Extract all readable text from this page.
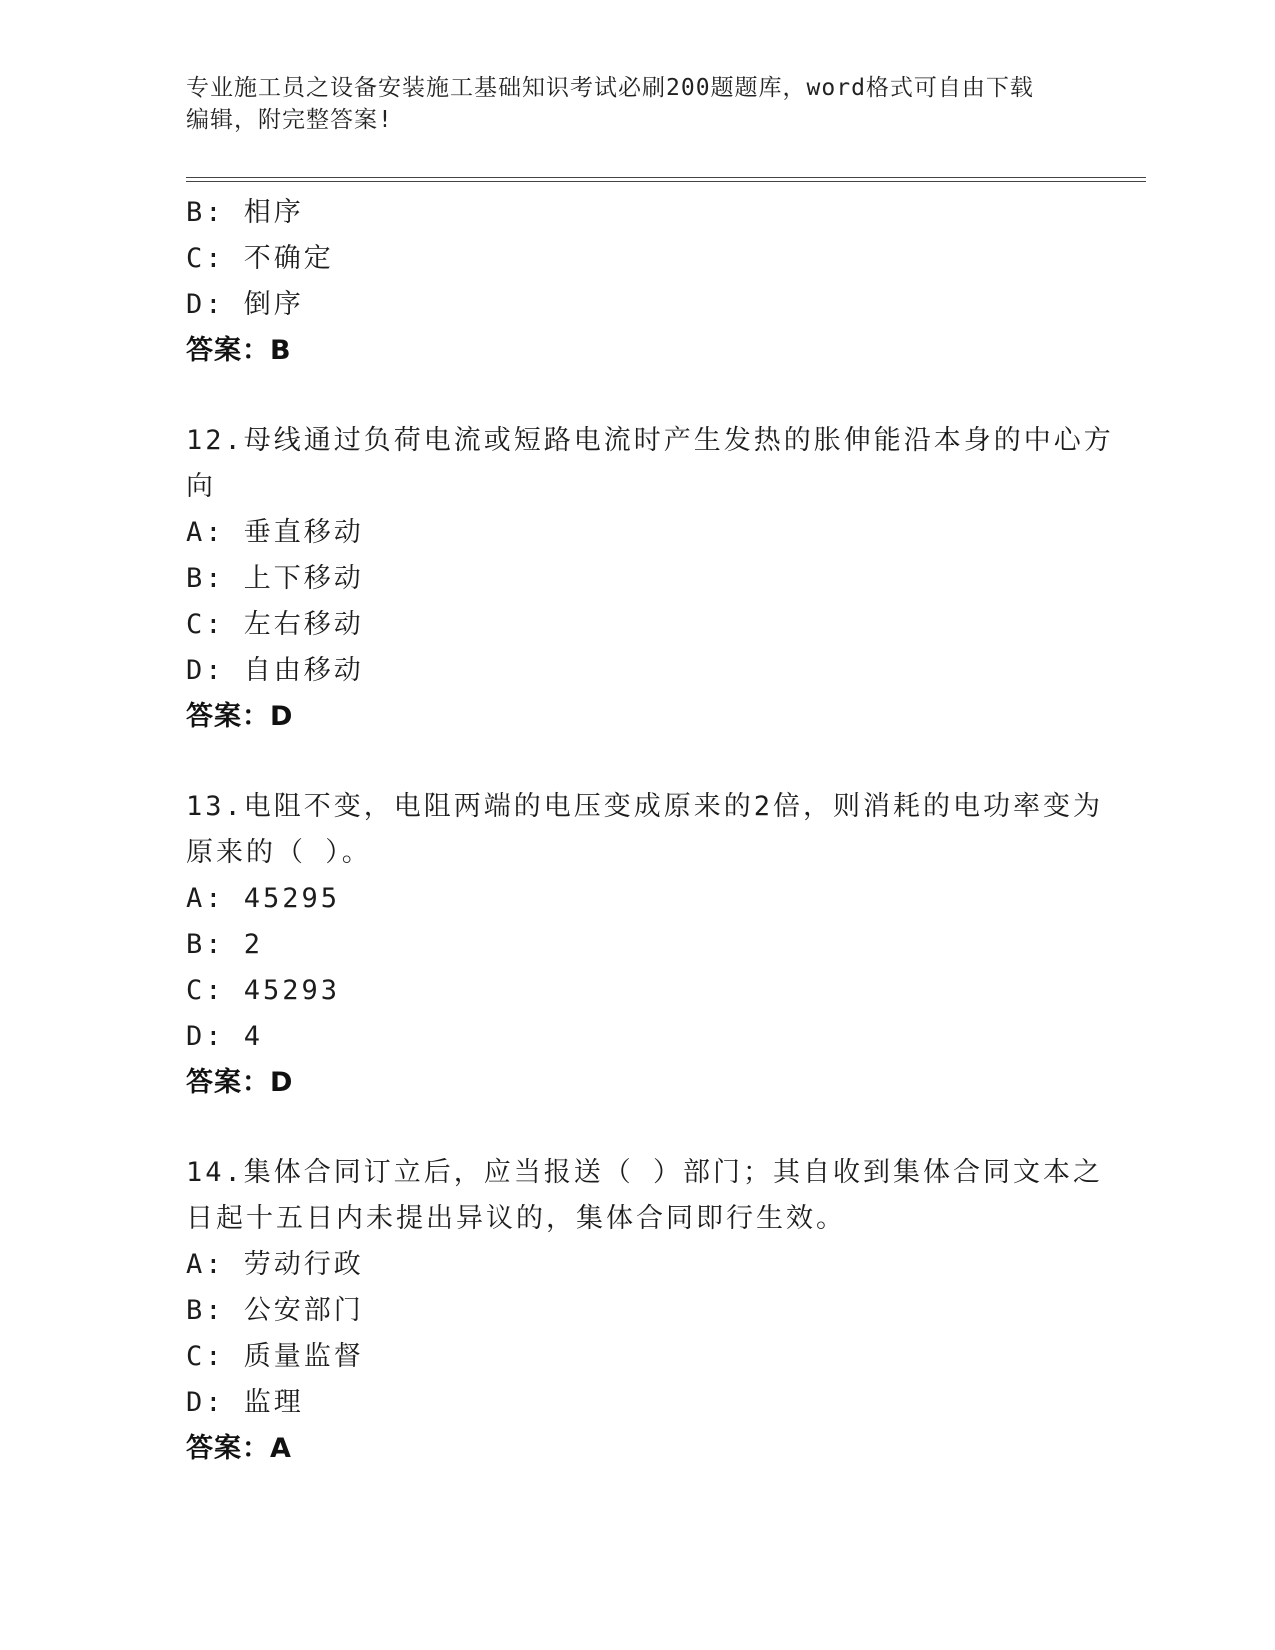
专业施工员之设备安装施工基础知识考试必刷200题题库，word格式可自由下载
编辑，附完整答案!
B: 相序
C: 不确定
D: 倒序
答案：B
12.母线通过负荷电流或短路电流时产生发热的胀伸能沿本身的中心方
向
A: 垂直移动
B: 上下移动
C: 左右移动
D: 自由移动
答案：D
13.电阻不变，电阻两端的电压变成原来的2倍，则消耗的电功率变为
原来的（ ）。
A: 45295
B: 2
C: 45293
D: 4
答案：D
14.集体合同订立后，应当报送（ ）部门；其自收到集体合同文本之
日起十五日内未提出异议的，集体合同即行生效。
A: 劳动行政
B: 公安部门
C: 质量监督
D: 监理
答案：A
